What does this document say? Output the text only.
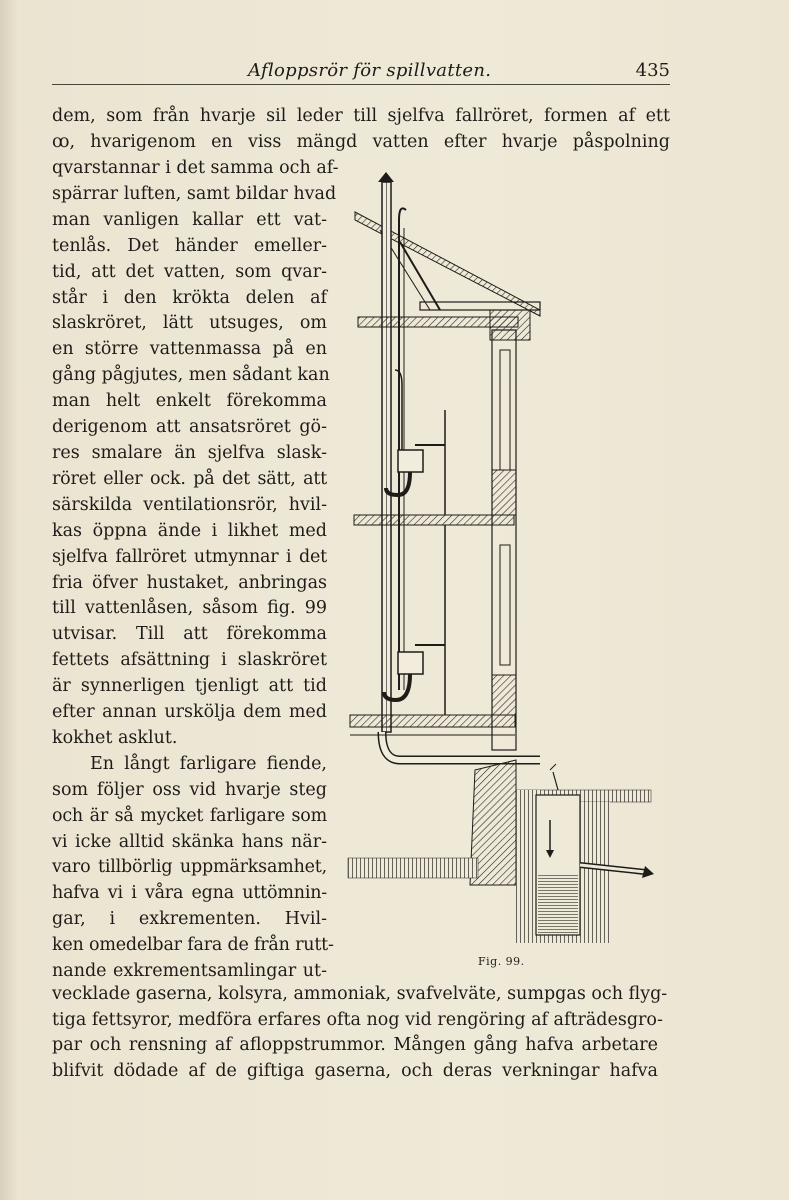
Afloppsrör för spillvatten.	435
dem, som från hvarje sil leder till sjelfva fallröret, formen af ett
ꝏ, hvarigenom en viss mängd vatten efter hvarje påspolning
qvarstannar i det samma och af-
spärrar luften, samt bildar hvad
man vanligen kallar ett vat-
tenlås. Det händer emeller-
tid, att det vatten, som qvar-
står i den krökta delen af
slaskröret, lätt utsuges, om
en större vattenmassa på en
gång pågjutes, men sådant kan
man helt enkelt förekomma
derigenom att ansatsröret gö-
res smalare än sjelfva slask-
röret eller ock. på det sätt, att
särskilda ventilationsrör, hvil-
kas öppna ände i likhet med
sjelfva fallröret utmynnar i det
fria öfver hustaket, anbringas
till vattenlåsen, såsom fig. 99
utvisar. Till att förekomma
fettets afsättning i slaskröret
är synnerligen tjenligt att tid
efter annan urskölja dem med
kokhet asklut.
En långt farligare fiende,
som följer oss vid hvarje steg
och är så mycket farligare som
vi icke alltid skänka hans när-
varo tillbörlig uppmärksamhet,
hafva vi i våra egna uttömnin-
gar, i exkrementen. Hvil-
ken omedelbar fara de från rutt-
nande exkrementsamlingar ut-	Fig. 99.
vecklade gaserna, kolsyra, ammoniak, svafvelväte, sumpgas och flyg-
tiga fettsyror, medföra erfares ofta nog vid rengöring af afträdesgro-
par och rensning af afloppstrummor. Mången gång hafva arbetare
blifvit dödade af de giftiga gaserna, och deras verkningar hafva
